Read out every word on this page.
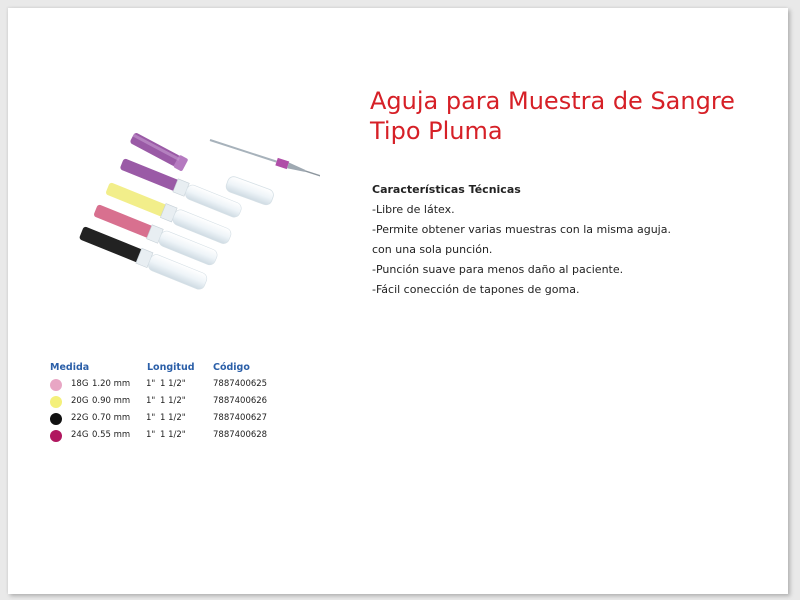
Aguja para Muestra de Sangre
Tipo Pluma
Características Técnicas
-Libre de látex.
-Permite obtener varias muestras con la misma aguja.
con una sola punción.
-Punción suave para menos daño al paciente.
-Fácil conección de tapones de goma.
Medida	Longitud Código
18G 1.20 mm 1" 1 1/2"	7887400625
20G 0.90 mm 1" 1 1/2"	7887400626
22G 0.70 mm 1" 1 1/2"	7887400627
24G 0.55 mm 1" 1 1/2"	7887400628
